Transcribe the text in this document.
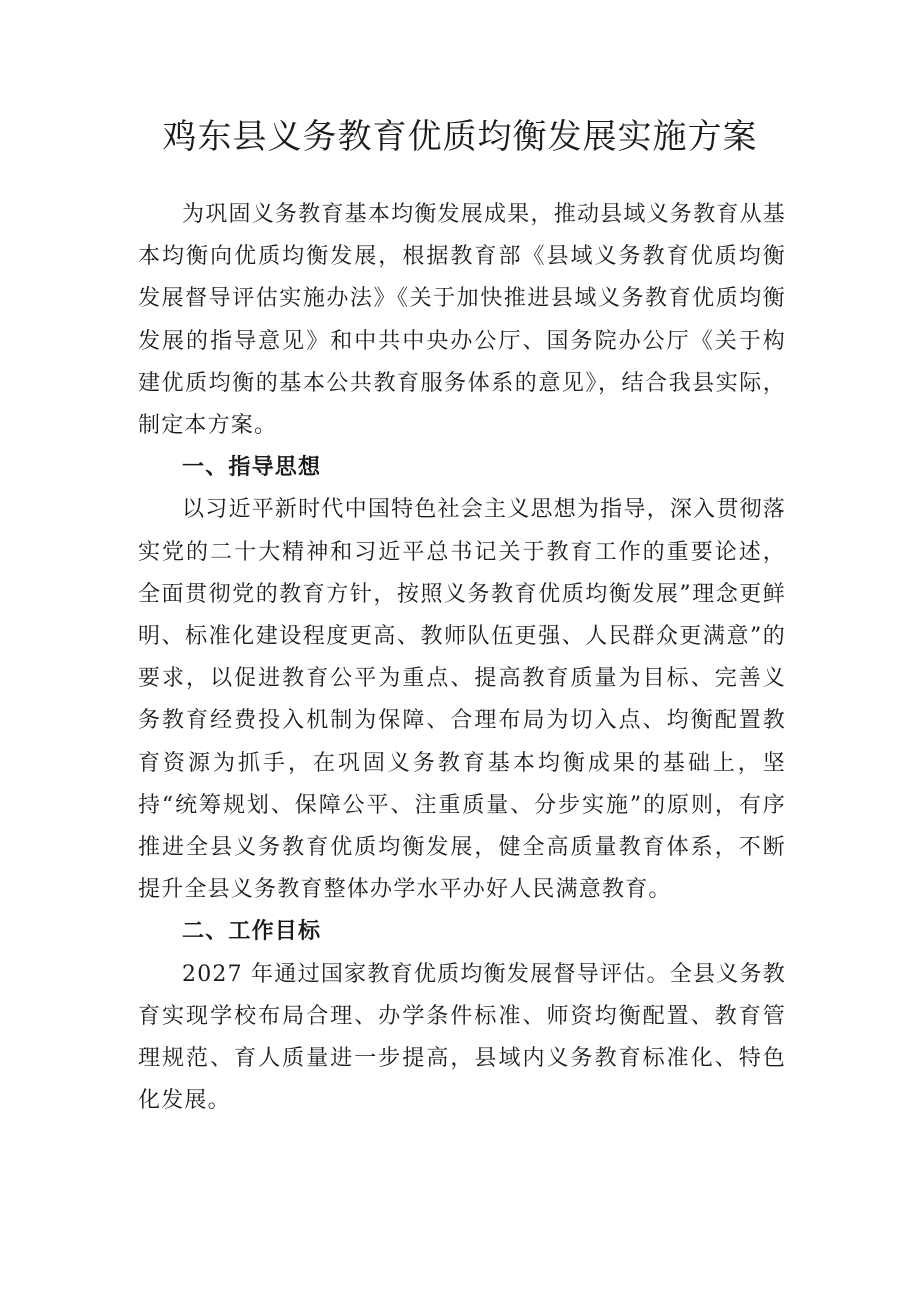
鸡东县义务教育优质均衡发展实施方案

为巩固义务教育基本均衡发展成果，推动县域义务教育从基本均衡向优质均衡发展，根据教育部《县域义务教育优质均衡发展督导评估实施办法》《关于加快推进县域义务教育优质均衡发展的指导意见》和中共中央办公厅、国务院办公厅《关于构建优质均衡的基本公共教育服务体系的意见》，结合我县实际，制定本方案。

一、指导思想

以习近平新时代中国特色社会主义思想为指导，深入贯彻落实党的二十大精神和习近平总书记关于教育工作的重要论述，全面贯彻党的教育方针，按照义务教育优质均衡发展”理念更鲜明、标准化建设程度更高、教师队伍更强、人民群众更满意”的要求，以促进教育公平为重点、提高教育质量为目标、完善义务教育经费投入机制为保障、合理布局为切入点、均衡配置教育资源为抓手，在巩固义务教育基本均衡成果的基础上，坚持“统筹规划、保障公平、注重质量、分步实施”的原则，有序推进全县义务教育优质均衡发展，健全高质量教育体系，不断提升全县义务教育整体办学水平办好人民满意教育。

二、工作目标

2027 年通过国家教育优质均衡发展督导评估。全县义务教育实现学校布局合理、办学条件标准、师资均衡配置、教育管理规范、育人质量进一步提高，县域内义务教育标准化、特色化发展。
